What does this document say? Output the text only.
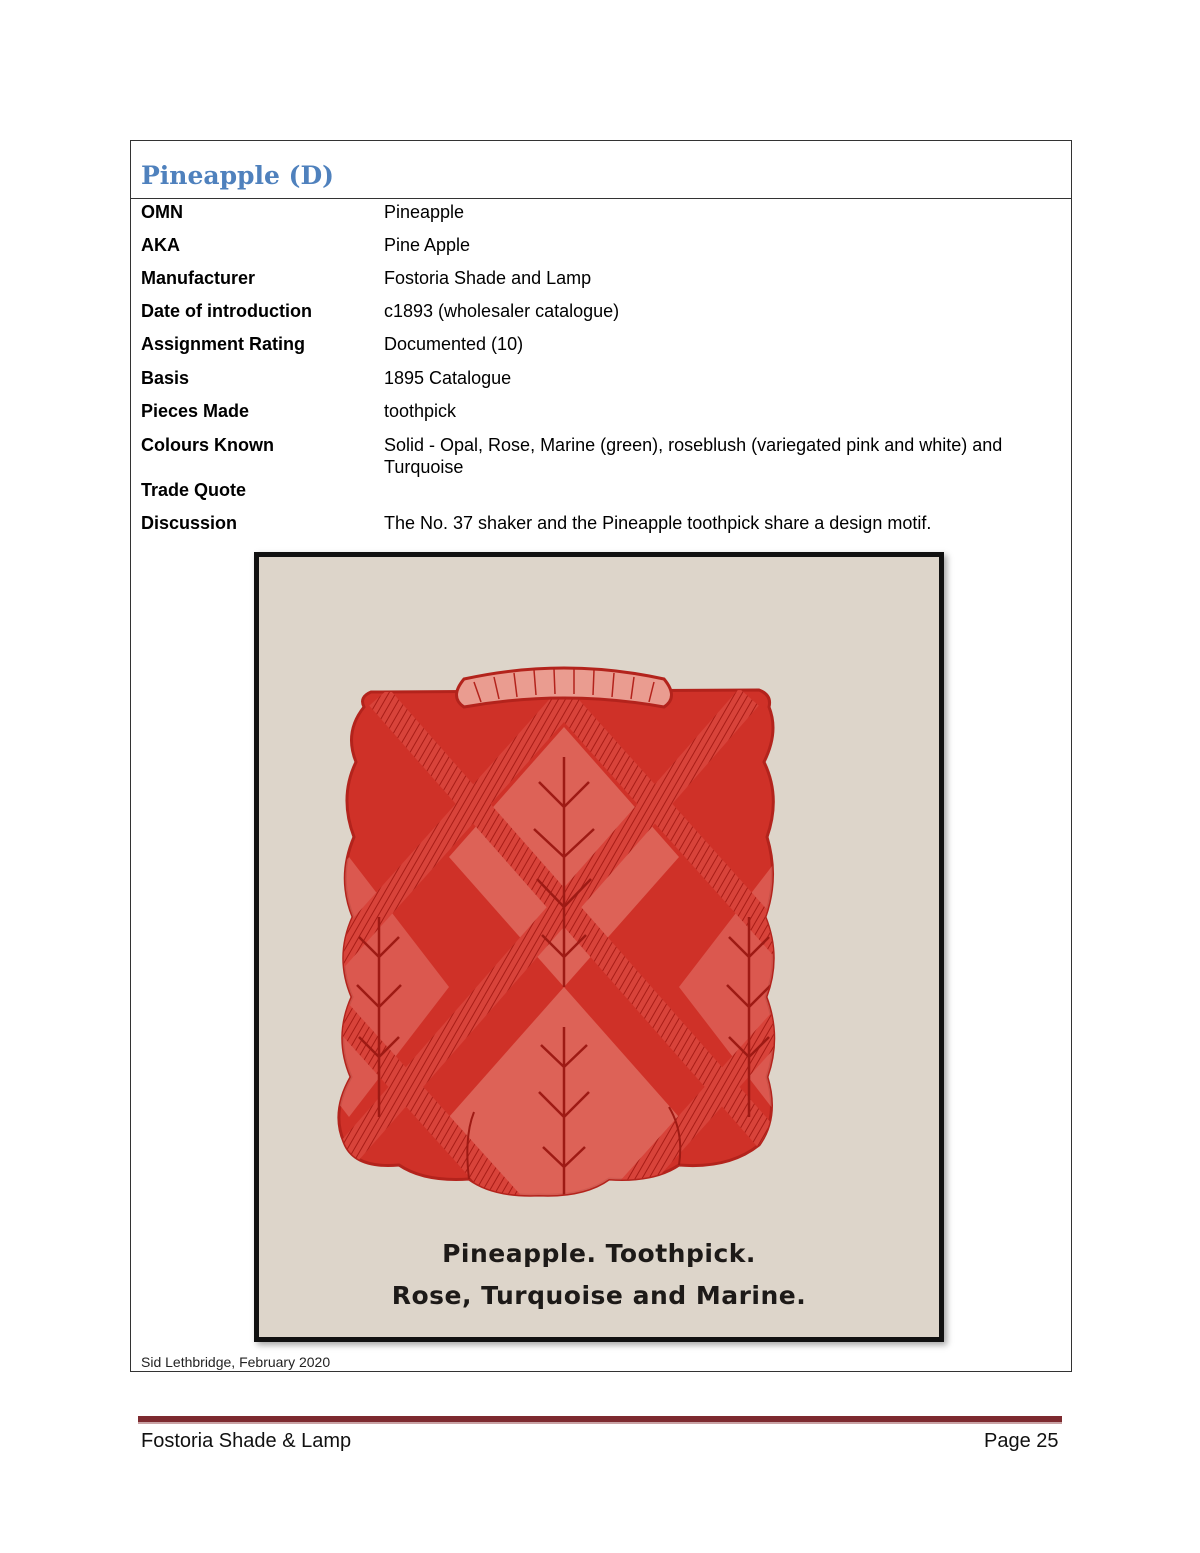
Pineapple (D)
OMN	Pineapple
AKA	Pine Apple
Manufacturer	Fostoria Shade and Lamp
Date of introduction	c1893 (wholesaler catalogue)
Assignment Rating	Documented (10)
Basis	1895 Catalogue
Pieces Made	toothpick
Colours Known	Solid - Opal, Rose, Marine (green), roseblush (variegated pink and white) and Turquoise
Trade Quote
Discussion	The No. 37 shaker and the Pineapple toothpick share a design motif.
Pineapple. Toothpick.
Rose, Turquoise and Marine.
Sid Lethbridge, February 2020
Fostoria Shade & Lamp	Page 25
